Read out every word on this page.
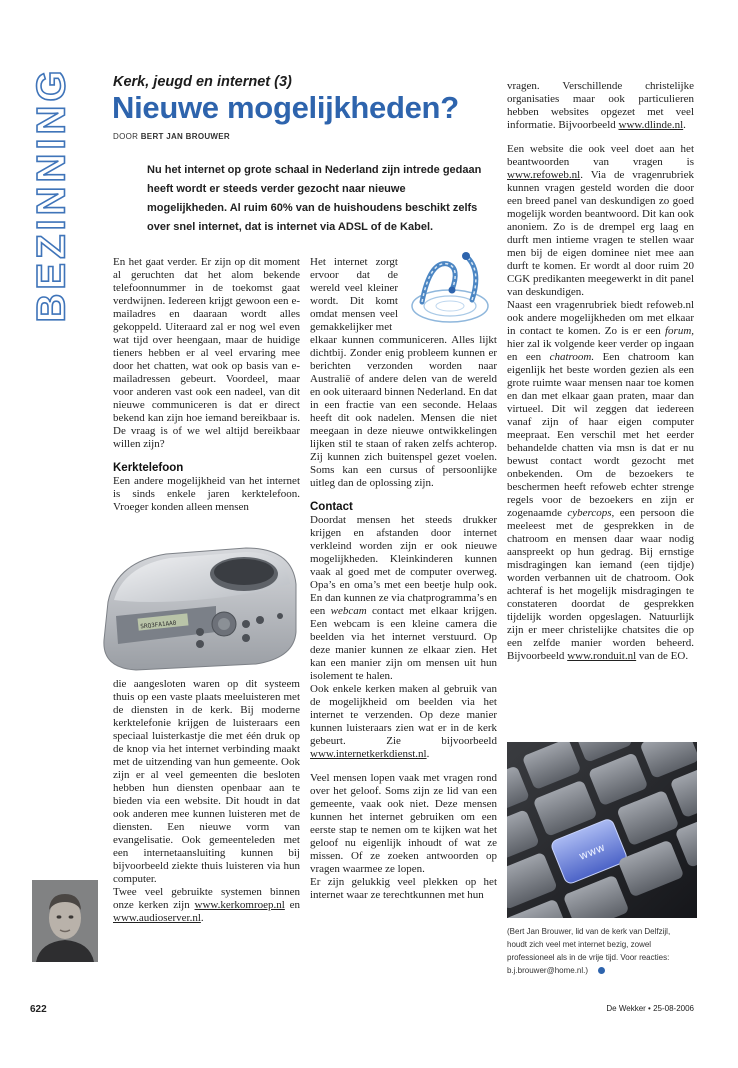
BEZINNING	Kerk, jeugd en internet (3)
Nieuwe mogelijkheden?
DOOR BERT JAN BROUWER
Nu het internet op grote schaal in Nederland zijn intrede gedaan heeft wordt er steeds verder gezocht naar nieuwe mogelijkheden. Al ruim 60% van de huishoudens beschikt zelfs over snel internet, dat is internet via ADSL of de Kabel.

En het gaat verder. Er zijn op dit moment al geruchten dat het alom bekende telefoonnummer in de toekomst gaat verdwijnen. Iedereen krijgt gewoon een e-mailadres en daaraan wordt alles gekoppeld. Uiteraard zal er nog wel even wat tijd over heengaan, maar de huidige tieners hebben er al veel ervaring mee door het chatten, wat ook op basis van e-mailadressen gebeurt. Voordeel, maar voor anderen vast ook een nadeel, van dit nieuwe communiceren is dat er direct bekend kan zijn hoe iemand bereikbaar is. De vraag is of we wel altijd bereikbaar willen zijn?

Kerktelefoon

Een andere mogelijkheid van het internet is sinds enkele jaren kerktelefoon. Vroeger konden alleen mensen

SRQ3FA1AA0

die aangesloten waren op dit systeem thuis op een vaste plaats meeluisteren met de diensten in de kerk. Bij moderne kerktelefonie krijgen de luisteraars een speciaal luisterkastje die met één druk op de knop via het internet verbinding maakt met de uitzending van hun gemeente. Ook zijn er al veel gemeenten die besloten hebben hun diensten openbaar aan te bieden via een website. Dit houdt in dat ook anderen mee kunnen luisteren met de diensten. Een nieuwe vorm van evangelisatie. Ook gemeenteleden met een internetaansluiting kunnen bij bijvoorbeeld ziekte thuis luisteren via hun computer.

Twee veel gebruikte systemen binnen onze kerken zijn www.kerkomroep.nl en www.audioserver.nl.

Het internet zorgt ervoor dat de wereld veel kleiner wordt. Dit komt omdat mensen veel gemakkelijker met

elkaar kunnen communiceren. Alles lijkt dichtbij. Zonder enig probleem kunnen er berichten verzonden worden naar Australië of andere delen van de wereld en ook uiteraard binnen Nederland. En dat in een fractie van een seconde. Helaas heeft dit ook nadelen. Mensen die niet meegaan in deze nieuwe ontwikkelingen lijken stil te staan of raken zelfs achterop. Zij kunnen zich buitenspel gezet voelen. Soms kan een cursus of persoonlijke uitleg dan de oplossing zijn.

Contact

Doordat mensen het steeds drukker krijgen en afstanden door internet verkleind worden zijn er ook nieuwe mogelijkheden. Kleinkinderen kunnen vaak al goed met de computer overweg. Opa’s en oma’s met een beetje hulp ook. En dan kunnen ze via chatprogramma’s en een webcam contact met elkaar krijgen. Een webcam is een kleine camera die beelden via het internet verstuurd. Op deze manier kunnen ze elkaar zien. Het kan een manier zijn om mensen uit hun isolement te halen.

Ook enkele kerken maken al gebruik van de mogelijkheid om beelden via het internet te verzenden. Op deze manier kunnen luisteraars zien wat er in de kerk gebeurt. Zie bijvoorbeeld www.internetkerkdienst.nl.

Veel mensen lopen vaak met vragen rond over het geloof. Soms zijn ze lid van een gemeente, vaak ook niet. Deze mensen kunnen het internet gebruiken om een eerste stap te nemen om te kijken wat het geloof nu eigenlijk inhoudt of wat ze missen. Of ze zoeken antwoorden op vragen waarmee ze lopen.

Er zijn gelukkig veel plekken op het internet waar ze terechtkunnen met hun

vragen. Verschillende christelijke organisaties maar ook particulieren hebben websites opgezet met veel informatie. Bijvoorbeeld www.dlinde.nl.

Een website die ook veel doet aan het beantwoorden van vragen is www.refoweb.nl. Via de vragenrubriek kunnen vragen gesteld worden die door een breed panel van deskundigen zo goed mogelijk worden beantwoord. Dit kan ook anoniem. Zo is de drempel erg laag en durft men intieme vragen te stellen waar men bij de eigen dominee niet mee aan durft te komen. Er wordt al door ruim 20 CGK predikanten meegewerkt in dit panel van deskundigen.

Naast een vragenrubriek biedt refoweb.nl ook andere mogelijkheden om met elkaar in contact te komen. Zo is er een forum, hier zal ik volgende keer verder op ingaan en een chatroom. Een chatroom kan eigenlijk het beste worden gezien als een grote ruimte waar mensen naar toe komen en dan met elkaar gaan praten, maar dan virtueel. Dit wil zeggen dat iedereen vanaf zijn of haar eigen computer meepraat. Een verschil met het eerder behandelde chatten via msn is dat er nu bewust contact wordt gezocht met onbekenden. Om de bezoekers te beschermen heeft refoweb echter strenge regels voor de bezoekers en zijn er zogenaamde cybercops, een persoon die meeleest met de gesprekken in de chatroom en mensen daar waar nodig aanspreekt op hun gedrag. Bij ernstige misdragingen kan iemand (een tijdje) worden verbannen uit de chatroom. Ook achteraf is het mogelijk misdragingen te constateren doordat de gesprekken tijdelijk worden opgeslagen. Natuurlijk zijn er meer christelijke chatsites die op een zelfde manier worden beheerd. Bijvoorbeeld www.ronduit.nl van de EO.

www
(Bert Jan Brouwer, lid van de kerk van Delfzijl, houdt zich veel met internet bezig, zowel professioneel als in de vrije tijd. Voor reacties: b.j.brouwer@home.nl.)
622	De Wekker • 25-08-2006
